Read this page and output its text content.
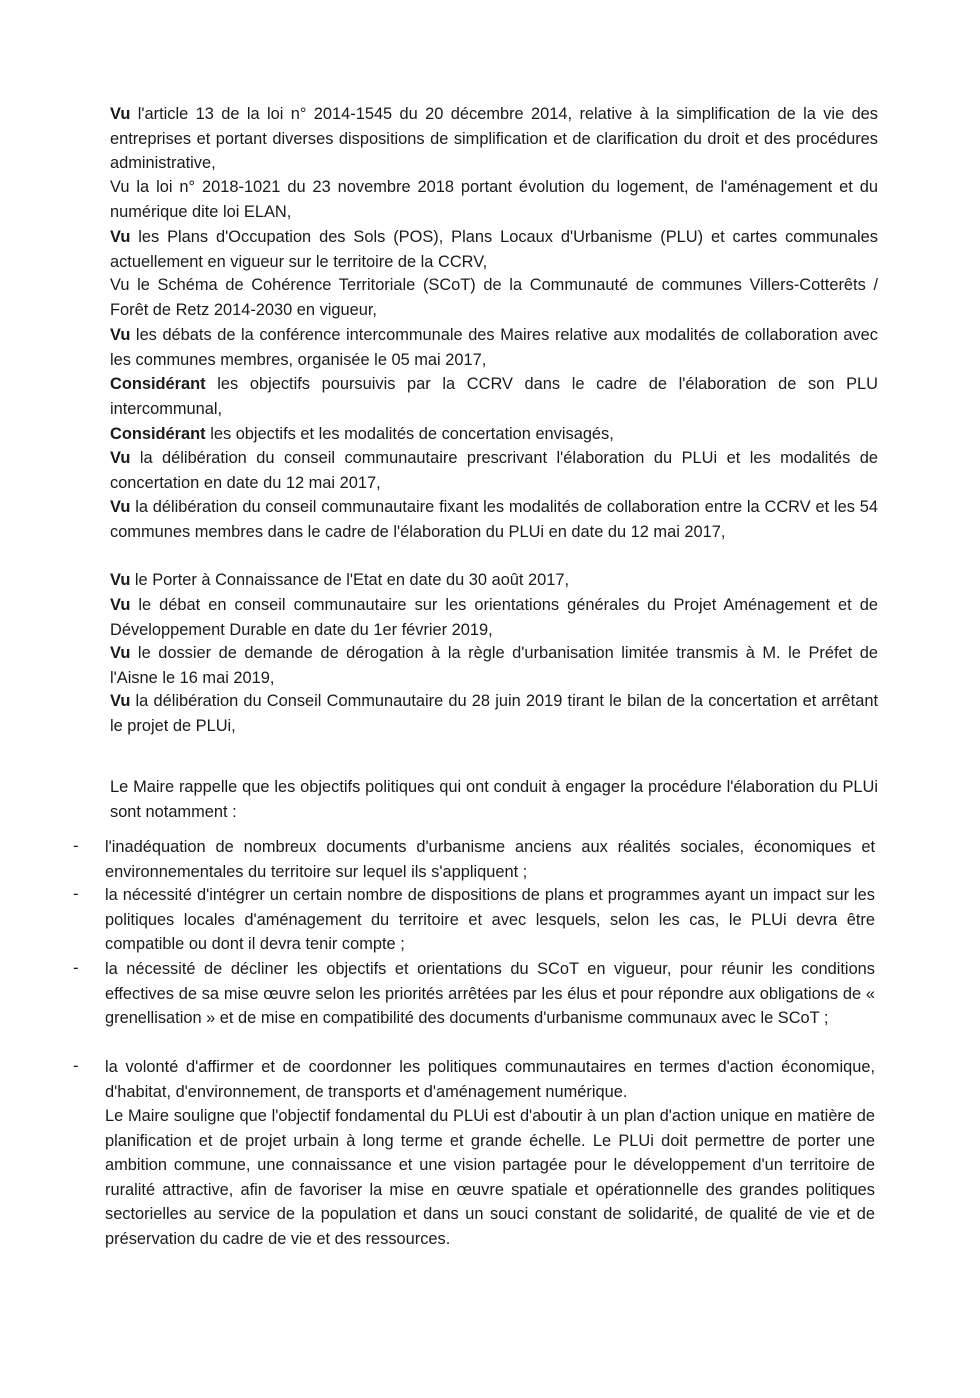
Vu l'article 13 de la loi n° 2014-1545 du 20 décembre 2014, relative à la simplification de la vie des entreprises et portant diverses dispositions de simplification et de clarification du droit et des procédures administrative,
Vu la loi n° 2018-1021 du 23 novembre 2018 portant évolution du logement, de l'aménagement et du numérique dite loi ELAN,
Vu les Plans d'Occupation des Sols (POS), Plans Locaux d'Urbanisme (PLU) et cartes communales actuellement en vigueur sur le territoire de la CCRV,
Vu le Schéma de Cohérence Territoriale (SCoT) de la Communauté de communes Villers-Cotterêts / Forêt de Retz 2014-2030 en vigueur,
Vu les débats de la conférence intercommunale des Maires relative aux modalités de collaboration avec les communes membres, organisée le 05 mai 2017,
Considérant les objectifs poursuivis par la CCRV dans le cadre de l'élaboration de son PLU intercommunal,
Considérant les objectifs et les modalités de concertation envisagés,
Vu la délibération du conseil communautaire prescrivant l'élaboration du PLUi et les modalités de concertation en date du 12 mai 2017,
Vu la délibération du conseil communautaire fixant les modalités de collaboration entre la CCRV et les 54 communes membres dans le cadre de l'élaboration du PLUi en date du 12 mai 2017,
Vu le Porter à Connaissance de l'Etat en date du 30 août 2017,
Vu le débat en conseil communautaire sur les orientations générales du Projet Aménagement et de Développement Durable en date du 1er février 2019,
Vu le dossier de demande de dérogation à la règle d'urbanisation limitée transmis à M. le Préfet de l'Aisne le 16 mai 2019,
Vu la délibération du Conseil Communautaire du 28 juin 2019 tirant le bilan de la concertation et arrêtant le projet de PLUi,
Le Maire rappelle que les objectifs politiques qui ont conduit à engager la procédure l'élaboration du PLUi sont notamment :
- l'inadéquation de nombreux documents d'urbanisme anciens aux réalités sociales, économiques et environnementales du territoire sur lequel ils s'appliquent ;
- la nécessité d'intégrer un certain nombre de dispositions de plans et programmes ayant un impact sur les politiques locales d'aménagement du territoire et avec lesquels, selon les cas, le PLUi devra être compatible ou dont il devra tenir compte ;
- la nécessité de décliner les objectifs et orientations du SCoT en vigueur, pour réunir les conditions effectives de sa mise œuvre selon les priorités arrêtées par les élus et pour répondre aux obligations de « grenellisation » et de mise en compatibilité des documents d'urbanisme communaux avec le SCoT ;
- la volonté d'affirmer et de coordonner les politiques communautaires en termes d'action économique, d'habitat, d'environnement, de transports et d'aménagement numérique.
Le Maire souligne que l'objectif fondamental du PLUi est d'aboutir à un plan d'action unique en matière de planification et de projet urbain à long terme et grande échelle. Le PLUi doit permettre de porter une ambition commune, une connaissance et une vision partagée pour le développement d'un territoire de ruralité attractive, afin de favoriser la mise en œuvre spatiale et opérationnelle des grandes politiques sectorielles au service de la population et dans un souci constant de solidarité, de qualité de vie et de préservation du cadre de vie et des ressources.
